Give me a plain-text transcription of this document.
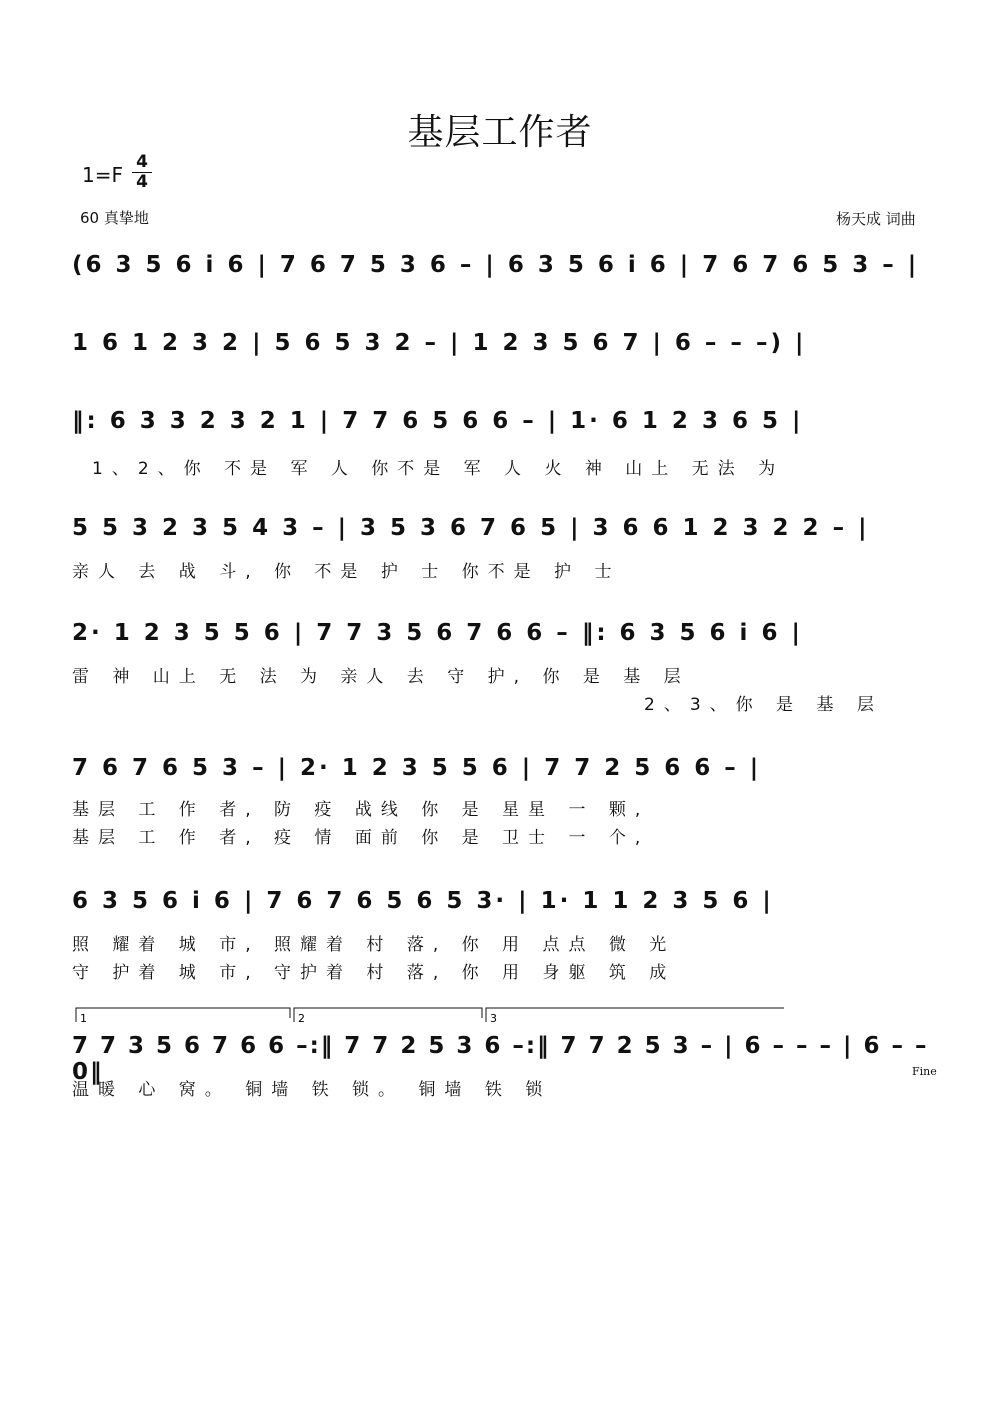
基层工作者
$1=F \frac{4}{4}$
60 真挚地	杨天成 词曲
(6 3 5 6 i 6 | 7 6 7 5 3 6 – | 6 3 5 6 i 6 | 7 6 7 6 5 3 – |
1 6 1 2 3 2 | 5 6 5 3 2 – | 1 2 3 5 6 7 | 6 – – –) |
‖: 6 3 3 2 3 2 1 | 7 7 6 5 6 6 – | 1· 6 1 2 3 6 5 |
1、2、你 不是 军 人 你不是 军 人 火 神 山上 无法 为
5 5 3 2 3 5 4 3 – | 3 5 3 6 7 6 5 | 3 6 6 1 2 3 2 2 – |
亲人 去 战 斗, 你 不是 护 士 你不是 护 士
2· 1 2 3 5 5 6 | 7 7 3 5 6 7 6 6 – ‖: 6 3 5 6 i 6 |
雷 神 山上 无 法 为 亲人 去 守 护, 你 是 基 层
2、3、你 是 基 层
7 6 7 6 5 3 – | 2· 1 2 3 5 5 6 | 7 7 2 5 6 6 – |
基层 工 作 者, 防 疫 战线 你 是 星星 一 颗,
基层 工 作 者, 疫 情 面前 你 是 卫士 一 个,
6 3 5 6 i 6 | 7 6 7 6 5 6 5 3· | 1· 1 1 2 3 5 6 |
照 耀着 城 市, 照耀着 村 落, 你 用 点点 微 光
守 护着 城 市, 守护着 村 落, 你 用 身躯 筑 成
1	2	3
7 7 3 5 6 7 6 6 –:‖ 7 7 2 5 3 6 –:‖ 7 7 2 5 3 – | 6 – – – | 6 – – 0‖
温暖 心 窝。 铜墙 铁 锁。 铜墙 铁 锁
Fine
